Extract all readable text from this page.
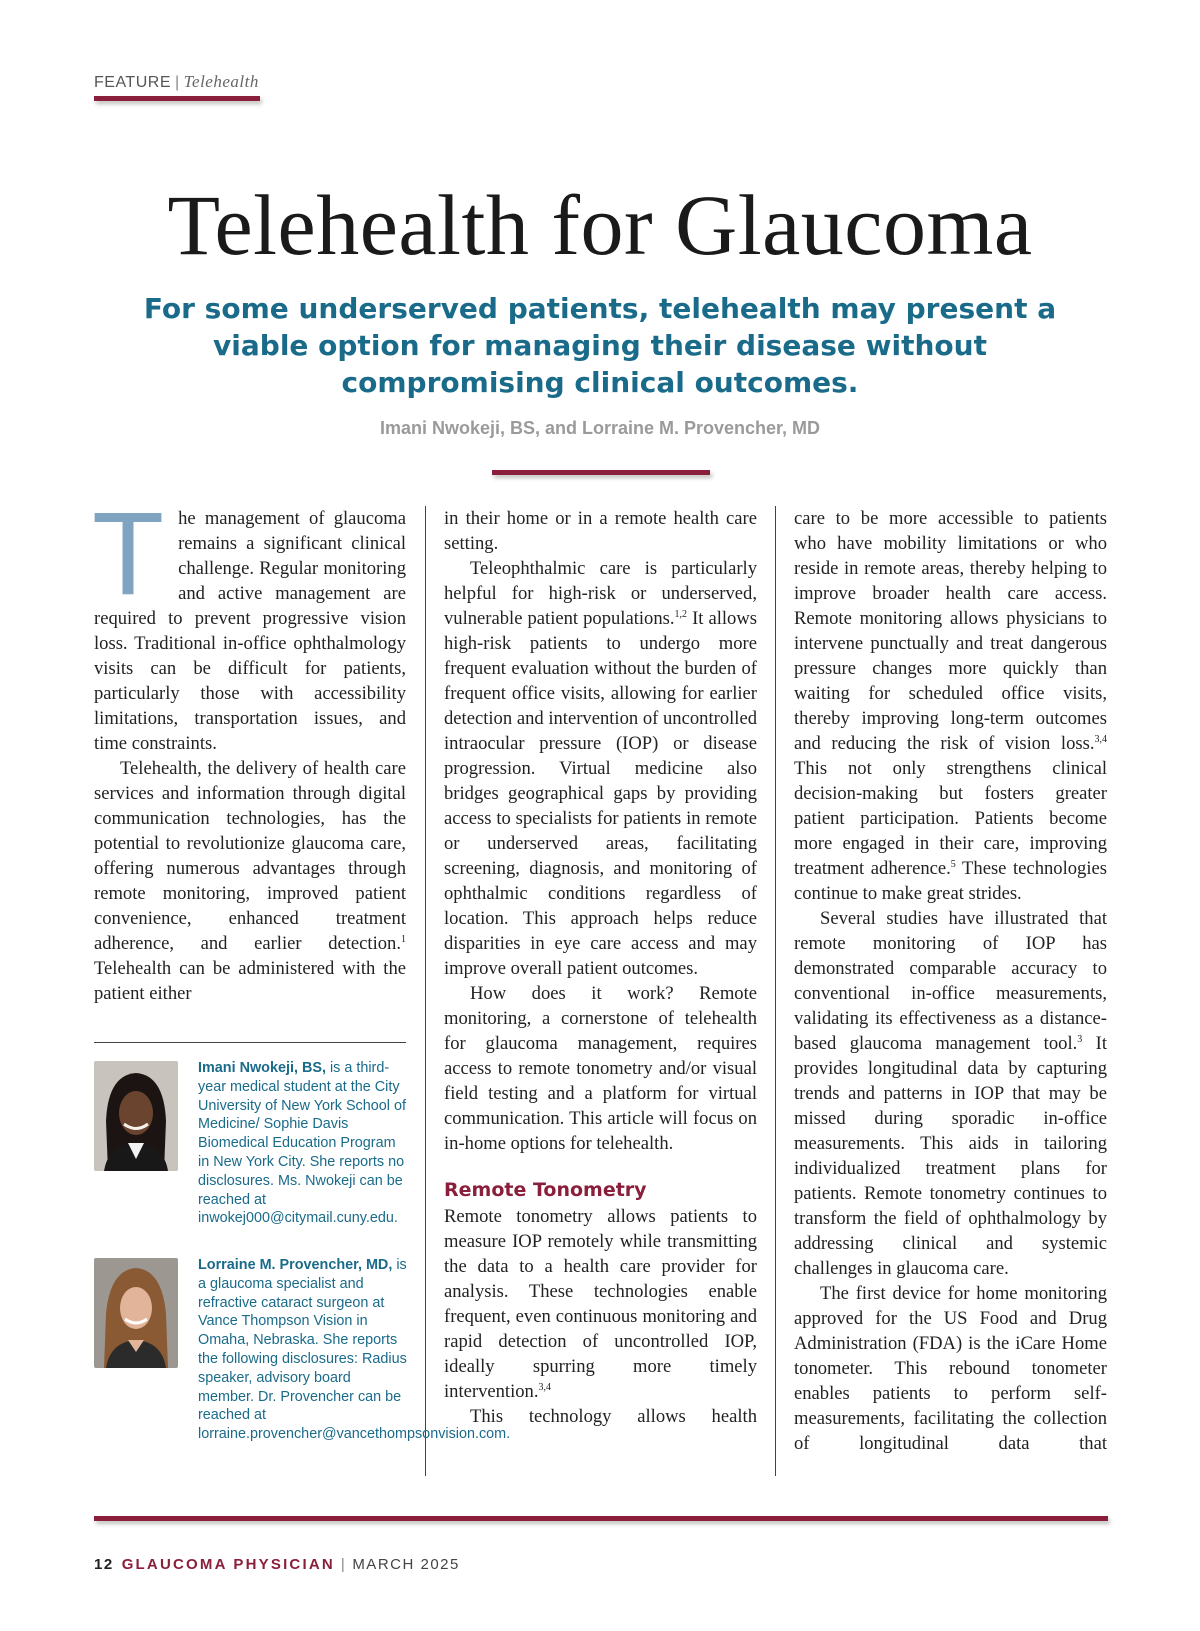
FEATURE | Telehealth
Telehealth for Glaucoma

For some underserved patients, telehealth may present a viable option for managing their disease without compromising clinical outcomes.

Imani Nwokeji, BS, and Lorraine M. Provencher, MD

The management of glaucoma remains a significant clinical challenge. Regular monitoring and active management are required to prevent progressive vision loss. Traditional in-office ophthalmology visits can be difficult for patients, particularly those with accessibility limitations, transportation issues, and time constraints.

Telehealth, the delivery of health care services and information through digital communication technologies, has the potential to revolutionize glaucoma care, offering numerous advantages through remote monitoring, improved patient convenience, enhanced treatment adherence, and earlier detection.$^1$ Telehealth can be administered with the patient either

in their home or in a remote health care setting.

Teleophthalmic care is particularly helpful for high-risk or underserved, vulnerable patient populations.$^{1,2}$ It allows high-risk patients to undergo more frequent evaluation without the burden of frequent office visits, allowing for earlier detection and intervention of uncontrolled intraocular pressure (IOP) or disease progression. Virtual medicine also bridges geographical gaps by providing access to specialists for patients in remote or underserved areas, facilitating screening, diagnosis, and monitoring of ophthalmic conditions regardless of location. This approach helps reduce disparities in eye care access and may improve overall patient outcomes.

How does it work? Remote monitoring, a cornerstone of telehealth for glaucoma management, requires access to remote tonometry and/or visual field testing and a platform for virtual communication. This article will focus on in-home options for telehealth.

Remote Tonometry

Remote tonometry allows patients to measure IOP remotely while transmitting the data to a health care provider for analysis. These technologies enable frequent, even continuous monitoring and rapid detection of uncontrolled IOP, ideally spurring more timely intervention.$^{3,4}$

This technology allows health

care to be more accessible to patients who have mobility limitations or who reside in remote areas, thereby helping to improve broader health care access. Remote monitoring allows physicians to intervene punctually and treat dangerous pressure changes more quickly than waiting for scheduled office visits, thereby improving long-term outcomes and reducing the risk of vision loss.$^{3,4}$ This not only strengthens clinical decision-making but fosters greater patient participation. Patients become more engaged in their care, improving treatment adherence.$^5$ These technologies continue to make great strides.

Several studies have illustrated that remote monitoring of IOP has demonstrated comparable accuracy to conventional in-office measurements, validating its effectiveness as a distance-based glaucoma management tool.$^3$ It provides longitudinal data by capturing trends and patterns in IOP that may be missed during sporadic in-office measurements. This aids in tailoring individualized treatment plans for patients. Remote tonometry continues to transform the field of ophthalmology by addressing clinical and systemic challenges in glaucoma care.

The first device for home monitoring approved for the US Food and Drug Administration (FDA) is the iCare Home tonometer. This rebound tonometer enables patients to perform self-measurements, facilitating the collection of longitudinal data that

Imani Nwokeji, BS, is a third-year medical student at the City University of New York School of Medicine/ Sophie Davis Biomedical Education Program in New York City. She reports no disclosures. Ms. Nwokeji can be reached at inwokej000@citymail.cuny.edu.
Lorraine M. Provencher, MD, is a glaucoma specialist and refractive cataract surgeon at Vance Thompson Vision in Omaha, Nebraska. She reports the following disclosures: Radius speaker, advisory board member. Dr. Provencher can be reached at lorraine.provencher@vancethompsonvision.com.
12 GLAUCOMA PHYSICIAN | MARCH 2025
